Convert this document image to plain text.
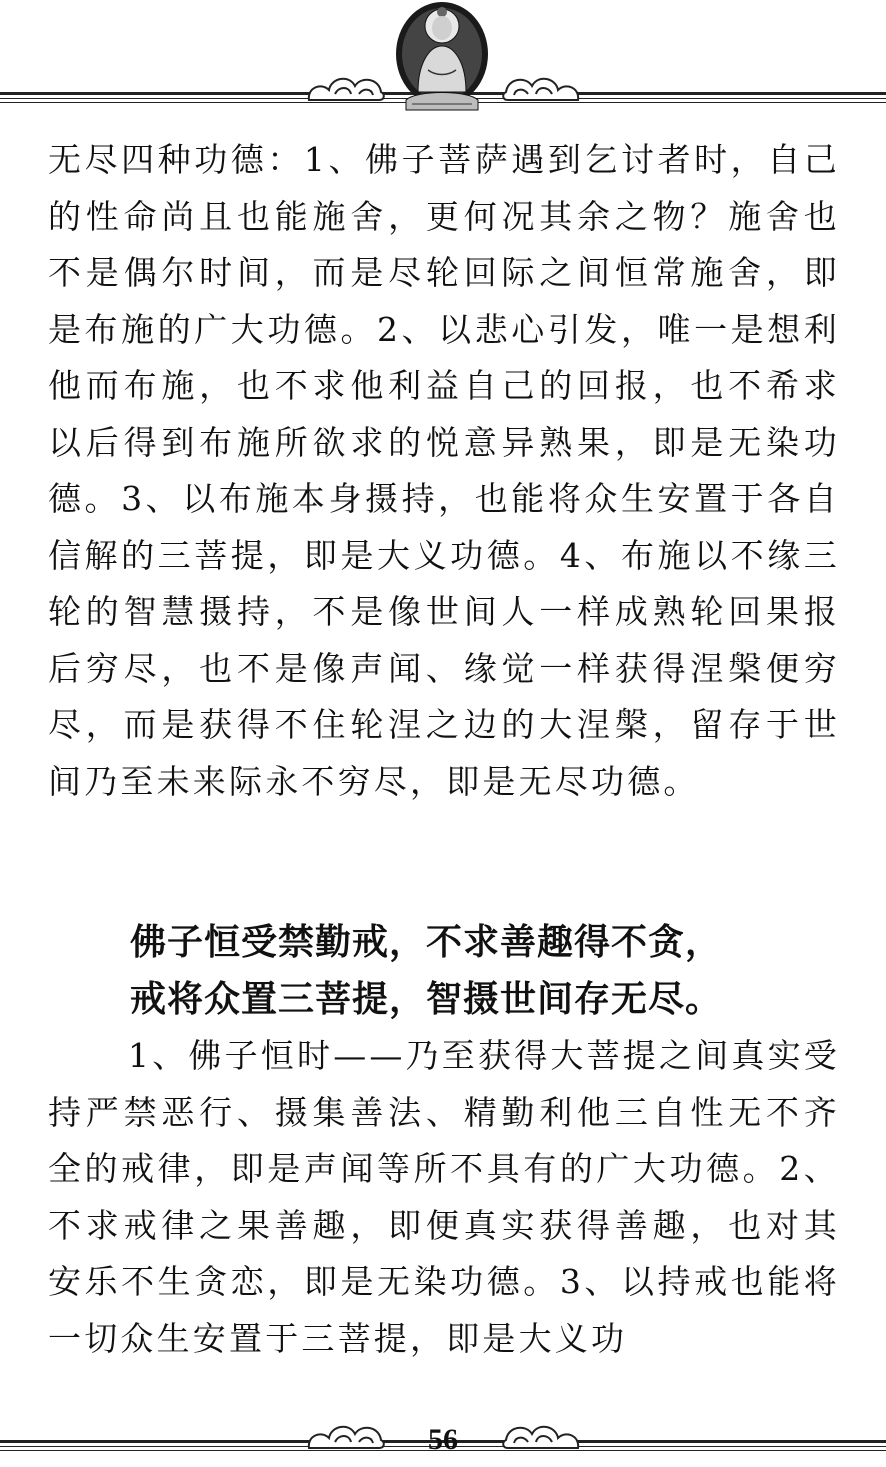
无尽四种功德：1、佛子菩萨遇到乞讨者时，自己的性命尚且也能施舍，更何况其余之物？施舍也不是偶尔时间，而是尽轮回际之间恒常施舍，即是布施的广大功德。2、以悲心引发，唯一是想利他而布施，也不求他利益自己的回报，也不希求以后得到布施所欲求的悦意异熟果，即是无染功德。3、以布施本身摄持，也能将众生安置于各自信解的三菩提，即是大义功德。4、布施以不缘三轮的智慧摄持，不是像世间人一样成熟轮回果报后穷尽，也不是像声闻、缘觉一样获得涅槃便穷尽，而是获得不住轮涅之边的大涅槃，留存于世间乃至未来际永不穷尽，即是无尽功德。

佛子恒受禁勤戒，不求善趣得不贪，
戒将众置三菩提，智摄世间存无尽。

1、佛子恒时——乃至获得大菩提之间真实受持严禁恶行、摄集善法、精勤利他三自性无不齐全的戒律，即是声闻等所不具有的广大功德。2、不求戒律之果善趣，即便真实获得善趣，也对其安乐不生贪恋，即是无染功德。3、以持戒也能将一切众生安置于三菩提，即是大义功

56
